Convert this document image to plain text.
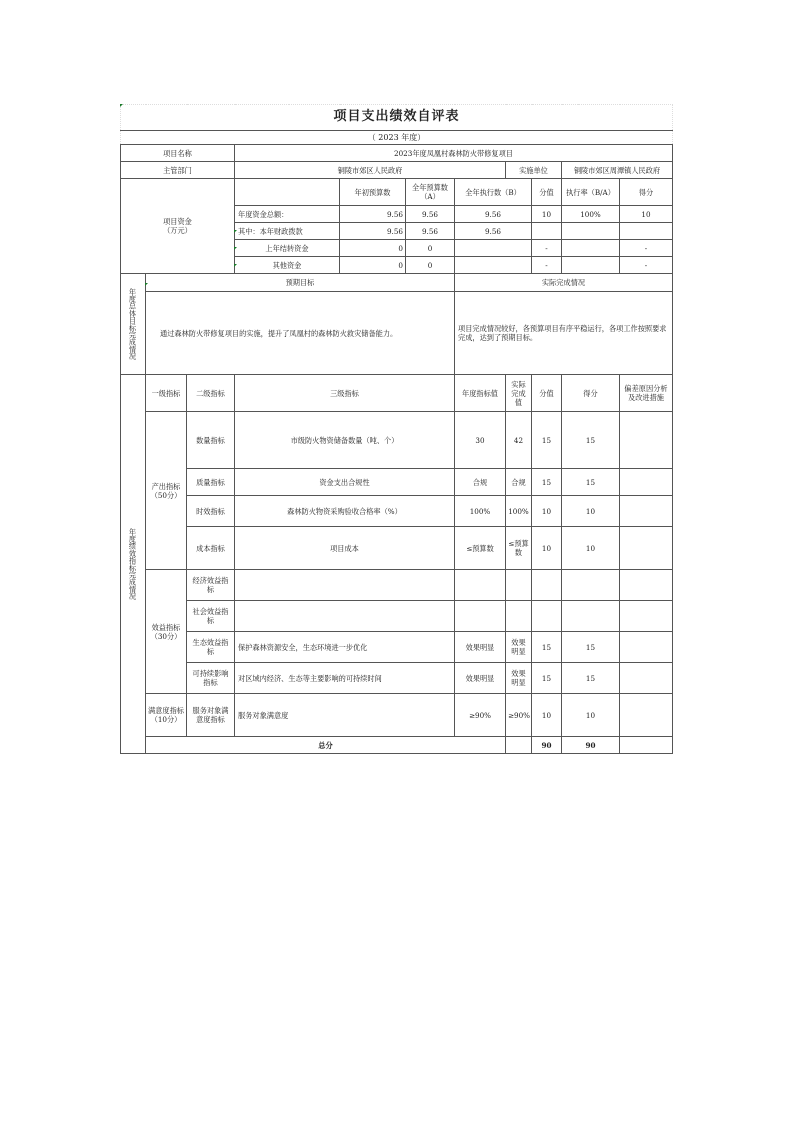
项目支出绩效自评表										
（ 2023 年度）										
项目名称			2023年度凤凰村森林防火带修复项目							
主管部门			铜陵市郊区人民政府				实施单位		铜陵市郊区周潭镇人民政府	
项目资金
（万元）				年初预算数	全年预算数（A）	全年执行数（B）		分值	执行率（B/A）	得分
			年度资金总额：	9.56	9.56	9.56		10	100%	10
			其中：本年财政拨款	9.56	9.56	9.56				
			上年结转资金	0	0			-		-
			其他资金	0	0			-		-
年度总体目标完成情况	预期目标					实际完成情况				
	通过森林防火带修复项目的实施，提升了凤凰村的森林防火救灾储备能力。					项目完成情况较好，各预算项目有序平稳运行，各项工作按照要求完成，达到了预期目标。				
年度绩效指标完成情况	一级指标	二级指标	三级指标			年度指标值	实际完成值	分值	得分	偏差原因分析及改进措施
	产出指标
（50分）	数量指标	市级防火物资储备数量（吨、个）			30	42	15	15	
		质量指标	资金支出合规性			合规	合规	15	15	
		时效指标	森林防火物资采购验收合格率（%）			100%	100%	10	10	
		成本指标	项目成本			≤预算数	≤预算数	10	10	
	效益指标
（30分）	经济效益指标								
		社会效益指标								
		生态效益指标	保护森林资源安全，生态环境进一步优化			效果明显	效果明显	15	15	
		可持续影响指标	对区域内经济、生态等主要影响的可持续时间			效果明显	效果明显	15	15	
	满意度指标
（10分）	服务对象满意度指标	服务对象满意度			≥90%	≥90%	10	10	
	总分							90	90	
